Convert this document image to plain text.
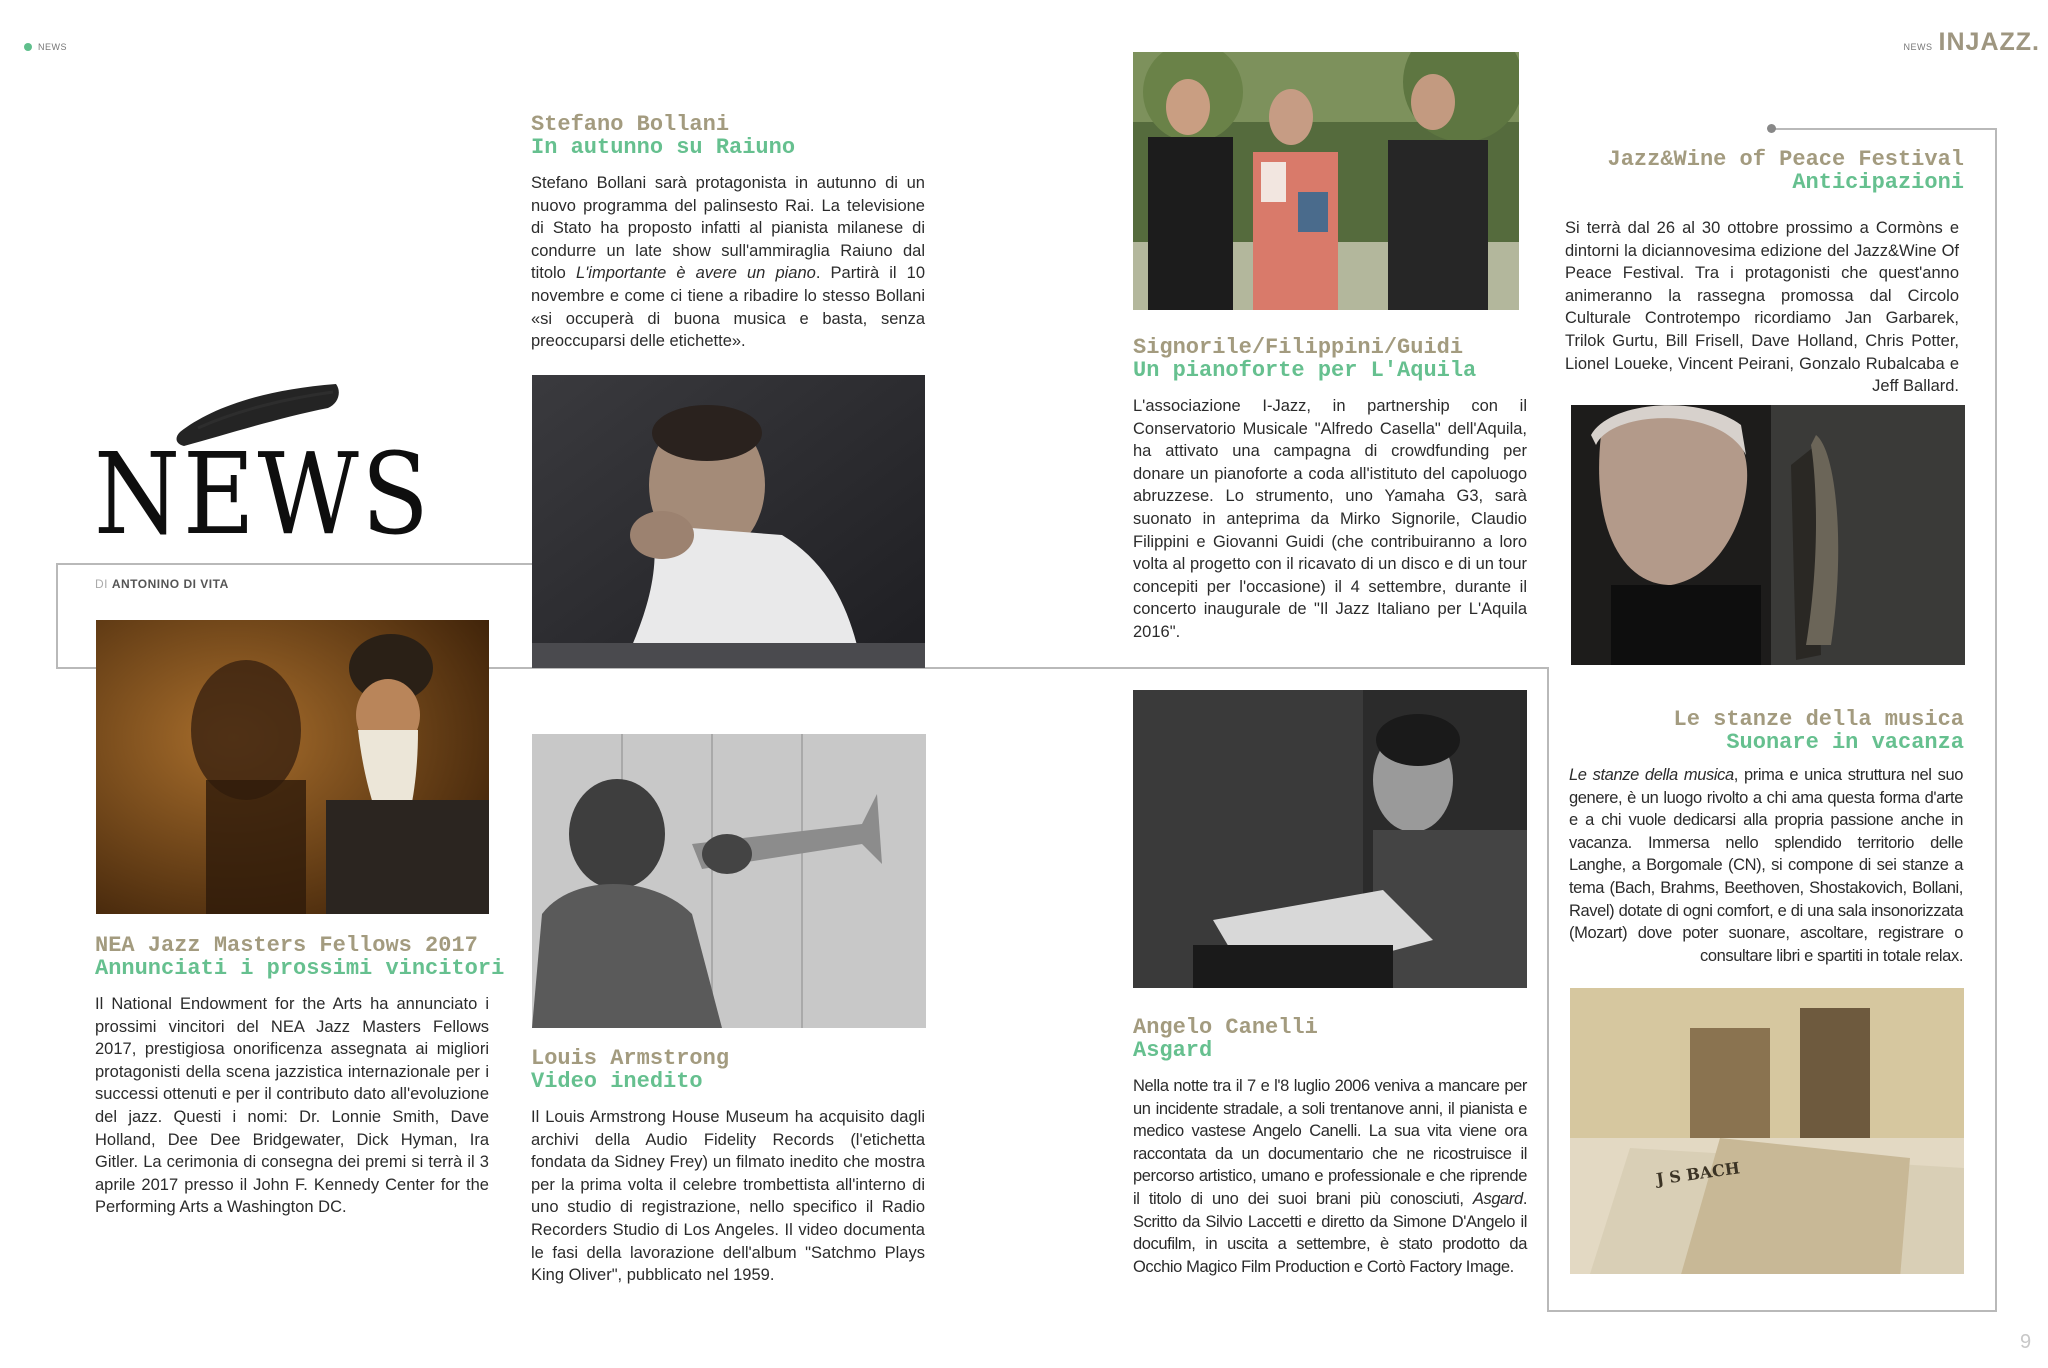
NEWS	NEWS INJAZZ.
NEWS
DI ANTONINO DI VITA
Stefano Bollani
In autunno su Raiuno

Stefano Bollani sarà protagonista in autunno di un nuovo programma del palinsesto Rai. La televisione di Stato ha proposto infatti al pianista milanese di condurre un late show sull'ammiraglia Raiuno dal titolo L'importante è avere un piano. Partirà il 10 novembre e come ci tiene a ribadire lo stesso Bollani «si occuperà di buona musica e basta, senza preoccuparsi delle etichette».	Signorile/Filippini/Guidi
Un pianoforte per L'Aquila

L'associazione I-Jazz, in partnership con il Conservatorio Musicale "Alfredo Casella" dell'Aquila, ha attivato una campagna di crowdfunding per donare un pianoforte a coda all'istituto del capoluogo abruzzese. Lo strumento, uno Yamaha G3, sarà suonato in anteprima da Mirko Signorile, Claudio Filippini e Giovanni Guidi (che contribuiranno a loro volta al progetto con il ricavato di un disco e di un tour concepiti per l'occasione) il 4 settembre, durante il concerto inaugurale de "Il Jazz Italiano per L'Aquila 2016".

Jazz&Wine of Peace Festival
Anticipazioni

Si terrà dal 26 al 30 ottobre prossimo a Cormòns e dintorni la diciannovesima edizione del Jazz&Wine Of Peace Festival. Tra i protagonisti che quest'anno animeranno la rassegna promossa dal Circolo Culturale Controtempo ricordiamo Jan Garbarek, Trilok Gurtu, Bill Frisell, Dave Holland, Chris Potter, Lionel Loueke, Vincent Peirani, Gonzalo Rubalcaba e Jeff Ballard.

NEA Jazz Masters Fellows 2017
Annunciati i prossimi vincitori

Il National Endowment for the Arts ha annunciato i prossimi vincitori del NEA Jazz Masters Fellows 2017, prestigiosa onorificenza assegnata ai migliori protagonisti della scena jazzistica internazionale per i successi ottenuti e per il contributo dato all'evoluzione del jazz. Questi i nomi: Dr. Lonnie Smith, Dave Holland, Dee Dee Bridgewater, Dick Hyman, Ira Gitler. La cerimonia di consegna dei premi si terrà il 3 aprile 2017 presso il John F. Kennedy Center for the Performing Arts a Washington DC.

Louis Armstrong
Video inedito

Il Louis Armstrong House Museum ha acquisito dagli archivi della Audio Fidelity Records (l'etichetta fondata da Sidney Frey) un filmato inedito che mostra per la prima volta il celebre trombettista all'interno di uno studio di registrazione, nello specifico il Radio Recorders Studio di Los Angeles. Il video documenta le fasi della lavorazione dell'album "Satchmo Plays King Oliver", pubblicato nel 1959.

Angelo Canelli
Asgard

Nella notte tra il 7 e l'8 luglio 2006 veniva a mancare per un incidente stradale, a soli trentanove anni, il pianista e medico vastese Angelo Canelli. La sua vita viene ora raccontata da un documentario che ne ricostruisce il percorso artistico, umano e professionale e che riprende il titolo di uno dei suoi brani più conosciuti, Asgard. Scritto da Silvio Laccetti e diretto da Simone D'Angelo il docufilm, in uscita a settembre, è stato prodotto da Occhio Magico Film Production e Cortò Factory Image.

Le stanze della musica
Suonare in vacanza

Le stanze della musica, prima e unica struttura nel suo genere, è un luogo rivolto a chi ama questa forma d'arte e a chi vuole dedicarsi alla propria passione anche in vacanza. Immersa nello splendido territorio delle Langhe, a Borgomale (CN), si compone di sei stanze a tema (Bach, Brahms, Beethoven, Shostakovich, Bollani, Ravel) dotate di ogni comfort, e di una sala insonorizzata (Mozart) dove poter suonare, ascoltare, registrare o consultare libri e spartiti in totale relax.

J S BACH
9
